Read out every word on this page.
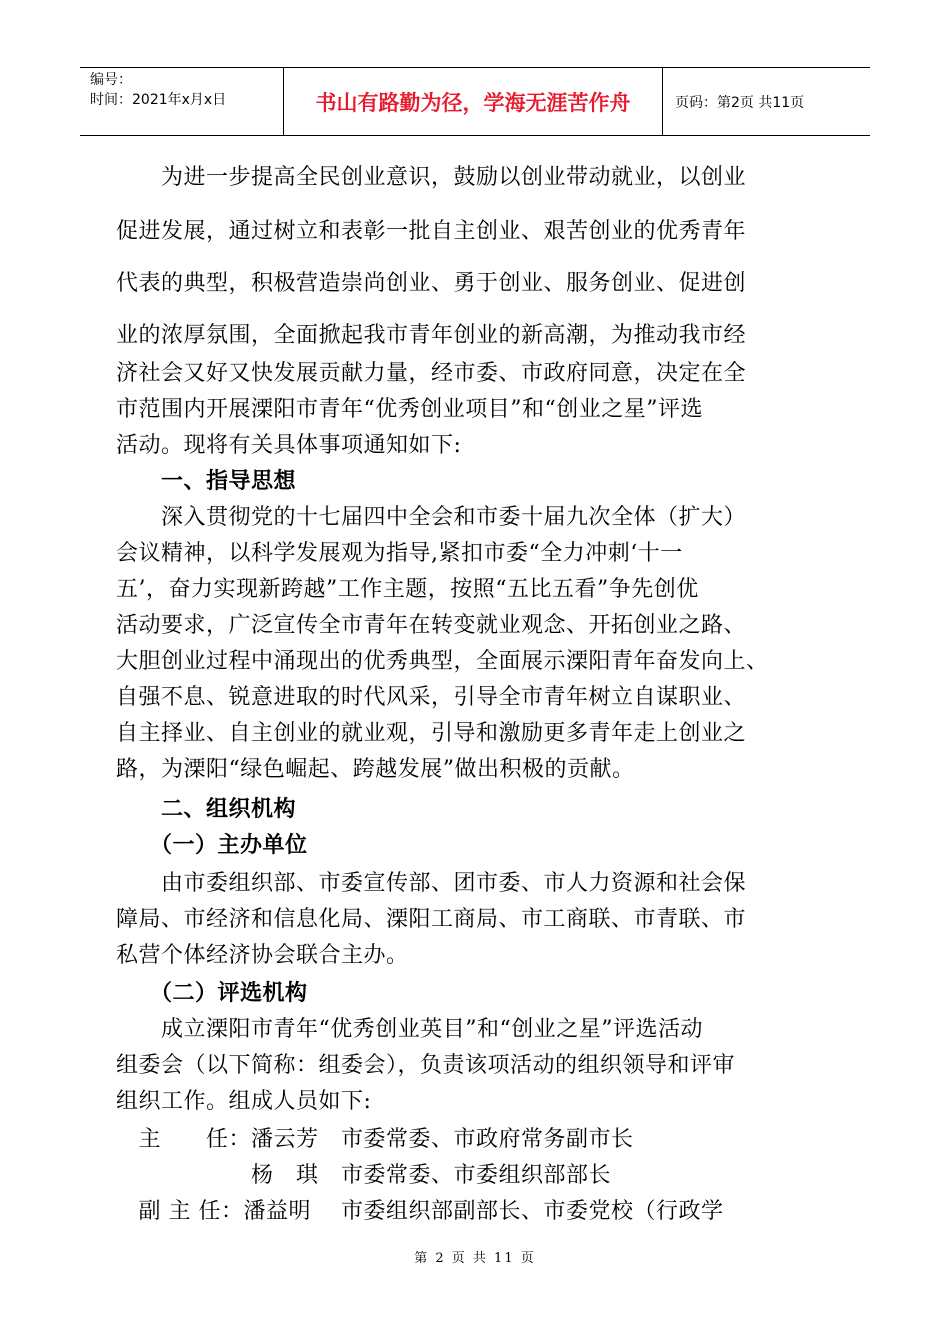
编号：
时间：2021年x月x日	书山有路勤为径，学海无涯苦作舟	页码：第2页 共11页
　　为进一步提高全民创业意识，鼓励以创业带动就业，以创业
促进发展，通过树立和表彰一批自主创业、艰苦创业的优秀青年
代表的典型，积极营造崇尚创业、勇于创业、服务创业、促进创
业的浓厚氛围，全面掀起我市青年创业的新高潮，为推动我市经
济社会又好又快发展贡献力量，经市委、市政府同意，决定在全
市范围内开展溧阳市青年“优秀创业项目”和“创业之星”评选
活动。现将有关具体事项通知如下:
　　一、指导思想
　　深入贯彻党的十七届四中全会和市委十届九次全体（扩大）
会议精神，以科学发展观为指导,紧扣市委“全力冲刺‘十一
五’，奋力实现新跨越”工作主题，按照“五比五看”争先创优
活动要求，广泛宣传全市青年在转变就业观念、开拓创业之路、
大胆创业过程中涌现出的优秀典型，全面展示溧阳青年奋发向上、
自强不息、锐意进取的时代风采，引导全市青年树立自谋职业、
自主择业、自主创业的就业观，引导和激励更多青年走上创业之
路，为溧阳“绿色崛起、跨越发展”做出积极的贡献。
　　二、组织机构
　　（一）主办单位
　　由市委组织部、市委宣传部、团市委、市人力资源和社会保
障局、市经济和信息化局、溧阳工商局、市工商联、市青联、市
私营个体经济协会联合主办。
　　（二）评选机构
　　成立溧阳市青年“优秀创业英目”和“创业之星”评选活动
组委会（以下简称：组委会），负责该项活动的组织领导和评审
组织工作。组成人员如下:
　主　　任：潘云芳　市委常委、市政府常务副市长
　　　　　　杨　琪　市委常委、市委组织部部长
　副 主 任：潘益明　 市委组织部副部长、市委党校（行政学
第 2 页 共 11 页
